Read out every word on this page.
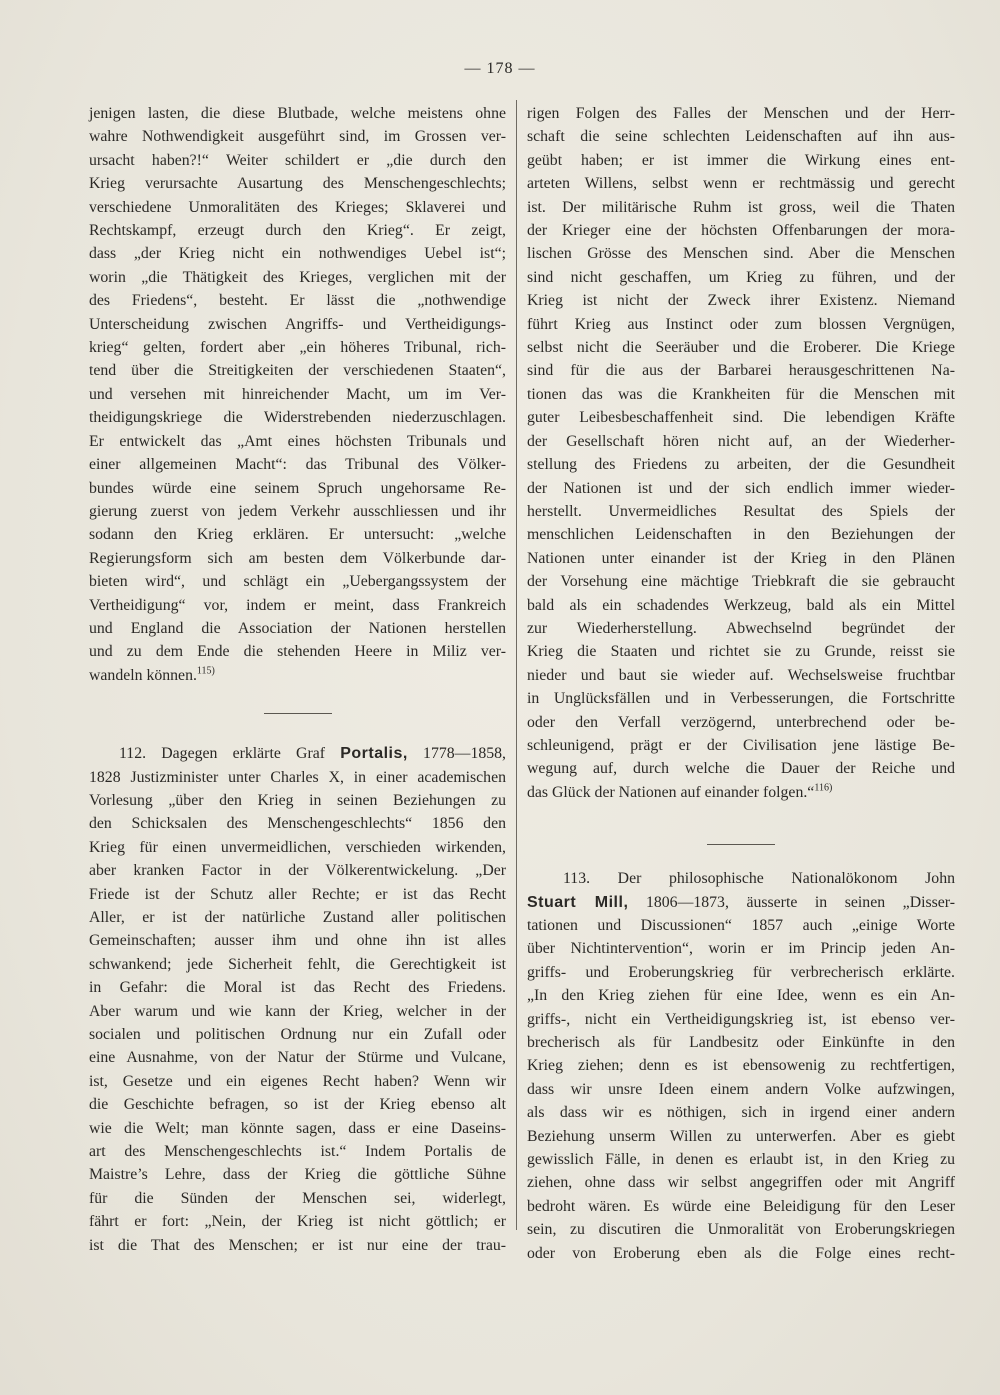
— 178 —
jenigen lasten, die diese Blutbade, welche meistens ohne
wahre Nothwendigkeit ausgeführt sind, im Grossen ver-
ursacht haben?!“ Weiter schildert er „die durch den
Krieg verursachte Ausartung des Menschengeschlechts;
verschiedene Unmoralitäten des Krieges; Sklaverei und
Rechtskampf, erzeugt durch den Krieg“. Er zeigt,
dass „der Krieg nicht ein nothwendiges Uebel ist“;
worin „die Thätigkeit des Krieges, verglichen mit der
des Friedens“, besteht. Er lässt die „nothwendige
Unterscheidung zwischen Angriffs- und Vertheidigungs-
krieg“ gelten, fordert aber „ein höheres Tribunal, rich-
tend über die Streitigkeiten der verschiedenen Staaten“,
und versehen mit hinreichender Macht, um im Ver-
theidigungskriege die Widerstrebenden niederzuschlagen.
Er entwickelt das „Amt eines höchsten Tribunals und
einer allgemeinen Macht“: das Tribunal des Völker-
bundes würde eine seinem Spruch ungehorsame Re-
gierung zuerst von jedem Verkehr ausschliessen und ihr
sodann den Krieg erklären. Er untersucht: „welche
Regierungsform sich am besten dem Völkerbunde dar-
bieten wird“, und schlägt ein „Uebergangssystem der
Vertheidigung“ vor, indem er meint, dass Frankreich
und England die Association der Nationen herstellen
und zu dem Ende die stehenden Heere in Miliz ver-
wandeln können.$^{115)}$
112. Dagegen erklärte Graf Portalis, 1778—1858,
1828 Justizminister unter Charles X, in einer academischen
Vorlesung „über den Krieg in seinen Beziehungen zu
den Schicksalen des Menschengeschlechts“ 1856 den
Krieg für einen unvermeidlichen, verschieden wirkenden,
aber kranken Factor in der Völkerentwickelung. „Der
Friede ist der Schutz aller Rechte; er ist das Recht
Aller, er ist der natürliche Zustand aller politischen
Gemeinschaften; ausser ihm und ohne ihn ist alles
schwankend; jede Sicherheit fehlt, die Gerechtigkeit ist
in Gefahr: die Moral ist das Recht des Friedens.
Aber warum und wie kann der Krieg, welcher in der
socialen und politischen Ordnung nur ein Zufall oder
eine Ausnahme, von der Natur der Stürme und Vulcane,
ist, Gesetze und ein eigenes Recht haben? Wenn wir
die Geschichte befragen, so ist der Krieg ebenso alt
wie die Welt; man könnte sagen, dass er eine Daseins-
art des Menschengeschlechts ist.“ Indem Portalis de
Maistre’s Lehre, dass der Krieg die göttliche Sühne
für die Sünden der Menschen sei, widerlegt,
fährt er fort: „Nein, der Krieg ist nicht göttlich; er
ist die That des Menschen; er ist nur eine der trau-
rigen Folgen des Falles der Menschen und der Herr-
schaft die seine schlechten Leidenschaften auf ihn aus-
geübt haben; er ist immer die Wirkung eines ent-
arteten Willens, selbst wenn er rechtmässig und gerecht
ist. Der militärische Ruhm ist gross, weil die Thaten
der Krieger eine der höchsten Offenbarungen der mora-
lischen Grösse des Menschen sind. Aber die Menschen
sind nicht geschaffen, um Krieg zu führen, und der
Krieg ist nicht der Zweck ihrer Existenz. Niemand
führt Krieg aus Instinct oder zum blossen Vergnügen,
selbst nicht die Seeräuber und die Eroberer. Die Kriege
sind für die aus der Barbarei herausgeschrittenen Na-
tionen das was die Krankheiten für die Menschen mit
guter Leibesbeschaffenheit sind. Die lebendigen Kräfte
der Gesellschaft hören nicht auf, an der Wiederher-
stellung des Friedens zu arbeiten, der die Gesundheit
der Nationen ist und der sich endlich immer wieder-
herstellt. Unvermeidliches Resultat des Spiels der
menschlichen Leidenschaften in den Beziehungen der
Nationen unter einander ist der Krieg in den Plänen
der Vorsehung eine mächtige Triebkraft die sie gebraucht
bald als ein schadendes Werkzeug, bald als ein Mittel
zur Wiederherstellung. Abwechselnd begründet der
Krieg die Staaten und richtet sie zu Grunde, reisst sie
nieder und baut sie wieder auf. Wechselsweise fruchtbar
in Unglücksfällen und in Verbesserungen, die Fortschritte
oder den Verfall verzögernd, unterbrechend oder be-
schleunigend, prägt er der Civilisation jene lästige Be-
wegung auf, durch welche die Dauer der Reiche und
das Glück der Nationen auf einander folgen.“$^{116)}$
113. Der philosophische Nationalökonom John
Stuart Mill, 1806—1873, äusserte in seinen „Disser-
tationen und Discussionen“ 1857 auch „einige Worte
über Nichtintervention“, worin er im Princip jeden An-
griffs- und Eroberungskrieg für verbrecherisch erklärte.
„In den Krieg ziehen für eine Idee, wenn es ein An-
griffs-, nicht ein Vertheidigungskrieg ist, ist ebenso ver-
brecherisch als für Landbesitz oder Einkünfte in den
Krieg ziehen; denn es ist ebensowenig zu rechtfertigen,
dass wir unsre Ideen einem andern Volke aufzwingen,
als dass wir es nöthigen, sich in irgend einer andern
Beziehung unserm Willen zu unterwerfen. Aber es giebt
gewisslich Fälle, in denen es erlaubt ist, in den Krieg zu
ziehen, ohne dass wir selbst angegriffen oder mit Angriff
bedroht wären. Es würde eine Beleidigung für den Leser
sein, zu discutiren die Unmoralität von Eroberungskriegen
oder von Eroberung eben als die Folge eines recht-
